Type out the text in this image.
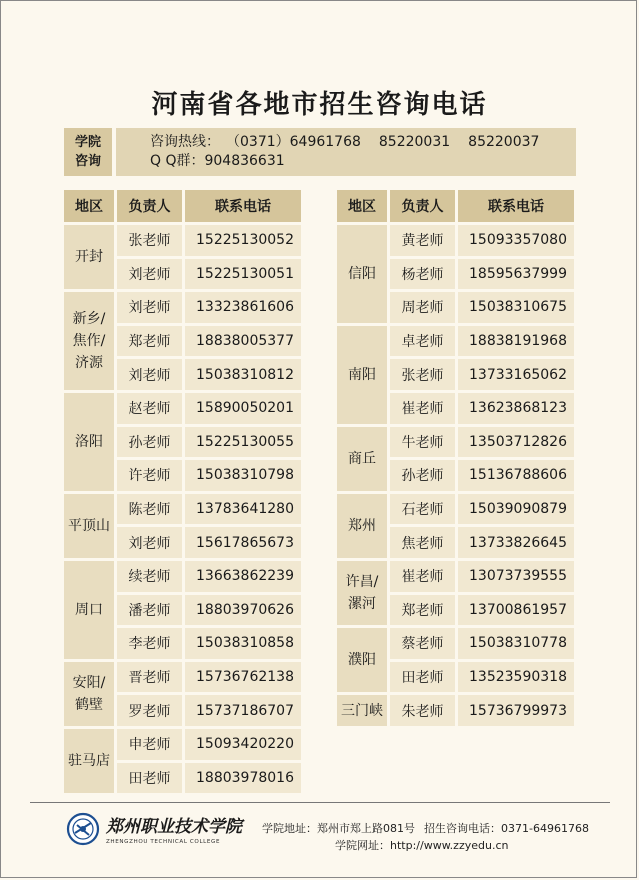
河南省各地市招生咨询电话
学院
咨询
咨询热线： （0371）64961768 85220031 85220037
Q Q群：904836631
地区	负责人	联系电话

开封	张老师	15225130052
	刘老师	15225130051

新乡/
焦作/
济源	刘老师	13323861606
	郑老师	18838005377
	刘老师	15038310812

洛阳	赵老师	15890050201
	孙老师	15225130055
	许老师	15038310798

平顶山	陈老师	13783641280
	刘老师	15617865673

周口	续老师	13663862239
	潘老师	18803970626
	李老师	15038310858

安阳/
鹤壁	晋老师	15736762138
	罗老师	15737186707

驻马店	申老师	15093420220
	田老师	18803978016
地区	负责人	联系电话

信阳	黄老师	15093357080
	杨老师	18595637999
	周老师	15038310675

南阳	卓老师	18838191968
	张老师	13733165062
	崔老师	13623868123

商丘	牛老师	13503712826
	孙老师	15136788606

郑州	石老师	15039090879
	焦老师	13733826645

许昌/
漯河	崔老师	13073739555
	郑老师	13700861957

濮阳	蔡老师	15038310778
	田老师	13523590318

三门峡	朱老师	15736799973
郑州职业技术学院
ZHENGZHOU TECHNICAL COLLEGE
学院地址：郑州市郑上路081号 招生咨询电话：0371-64961768
学院网址：http://www.zzyedu.cn
